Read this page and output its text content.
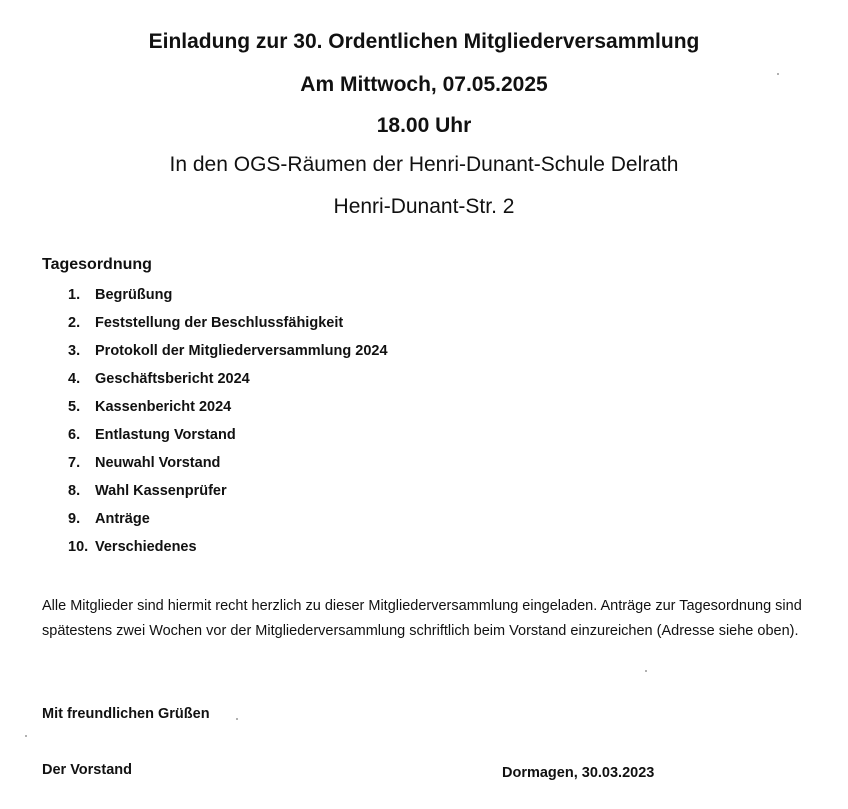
Einladung zur 30. Ordentlichen Mitgliederversammlung
Am Mittwoch, 07.05.2025
18.00 Uhr
In den OGS-Räumen der Henri-Dunant-Schule Delrath
Henri-Dunant-Str. 2
Tagesordnung
1. Begrüßung
2. Feststellung der Beschlussfähigkeit
3. Protokoll der Mitgliederversammlung 2024
4. Geschäftsbericht 2024
5. Kassenbericht 2024
6. Entlastung Vorstand
7. Neuwahl Vorstand
8. Wahl Kassenprüfer
9. Anträge
10. Verschiedenes

Alle Mitglieder sind hiermit recht herzlich zu dieser Mitgliederversammlung eingeladen. Anträge zur Tagesordnung sind spätestens zwei Wochen vor der Mitgliederversammlung schriftlich beim Vorstand einzureichen (Adresse siehe oben).

Mit freundlichen Grüßen
Der Vorstand	Dormagen, 30.03.2023
